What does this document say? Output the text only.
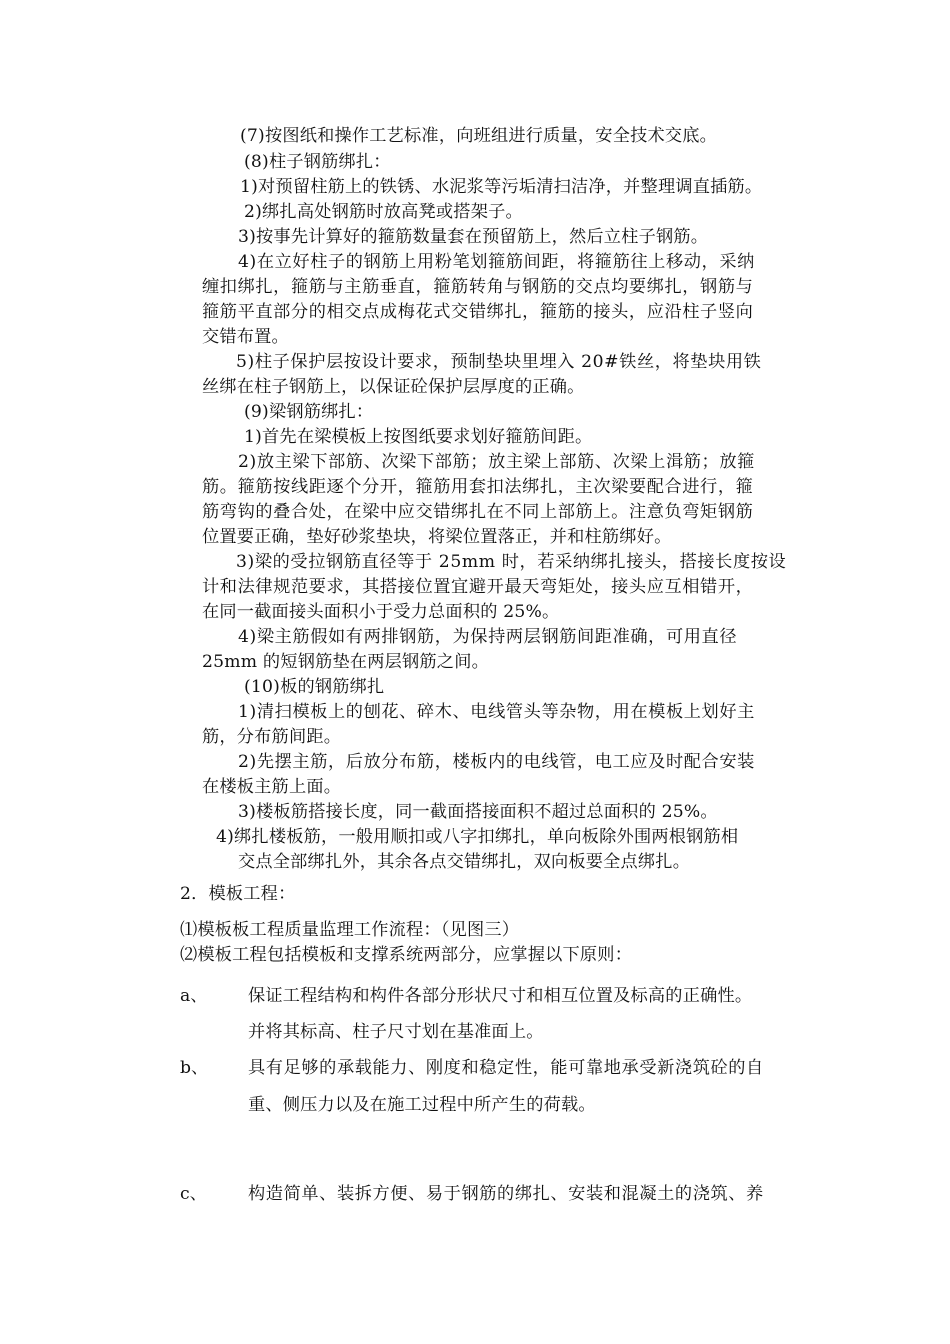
(7)按图纸和操作工艺标准，向班组进行质量，安全技术交底。
(8)柱子钢筋绑扎：
1)对预留柱筋上的铁锈、水泥浆等污垢清扫洁净，并整理调直插筋。
2)绑扎高处钢筋时放高凳或搭架子。
3)按事先计算好的箍筋数量套在预留筋上，然后立柱子钢筋。
4)在立好柱子的钢筋上用粉笔划箍筋间距，将箍筋往上移动，采纳
缠扣绑扎，箍筋与主筋垂直，箍筋转角与钢筋的交点均要绑扎，钢筋与
箍筋平直部分的相交点成梅花式交错绑扎，箍筋的接头，应沿柱子竖向
交错布置。
5)柱子保护层按设计要求，预制垫块里埋入 20#铁丝，将垫块用铁
丝绑在柱子钢筋上，以保证砼保护层厚度的正确。
(9)梁钢筋绑扎：
1)首先在梁模板上按图纸要求划好箍筋间距。
2)放主梁下部筋、次梁下部筋；放主梁上部筋、次梁上湒筋；放箍
筋。箍筋按线距逐个分开，箍筋用套扣法绑扎，主次梁要配合进行，箍
筋弯钩的叠合处，在梁中应交错绑扎在不同上部筋上。注意负弯矩钢筋
位置要正确，垫好砂浆垫块，将梁位置落正，并和柱筋绑好。
3)梁的受拉钢筋直径等于 25mm 时，若采纳绑扎接头，搭接长度按设
计和法律规范要求，其搭接位置宜避开最天弯矩处，接头应互相错开，
在同一截面接头面积小于受力总面积的 25%。
4)梁主筋假如有两排钢筋，为保持两层钢筋间距准确，可用直径
25mm 的短钢筋垫在两层钢筋之间。
(10)板的钢筋绑扎
1)清扫模板上的刨花、碎木、电线管头等杂物，用在模板上划好主
筋，分布筋间距。
2)先摆主筋，后放分布筋，楼板内的电线管，电工应及时配合安装
在楼板主筋上面。
3)楼板筋搭接长度，同一截面搭接面积不超过总面积的 25%。
4)绑扎楼板筋，一般用顺扣或八字扣绑扎，单向板除外围两根钢筋相
交点全部绑扎外，其余各点交错绑扎，双向板要全点绑扎。
2．模板工程：
⑴模板板工程质量监理工作流程：（见图三）
⑵模板工程包括模板和支撑系统两部分，应掌握以下原则：
a、 保证工程结构和构件各部分形状尺寸和相互位置及标高的正确性。
并将其标高、柱子尺寸划在基准面上。
b、 具有足够的承载能力、刚度和稳定性，能可靠地承受新浇筑砼的自
重、侧压力以及在施工过程中所产生的荷载。
c、 构造简单、装拆方便、易于钢筋的绑扎、安装和混凝土的浇筑、养
